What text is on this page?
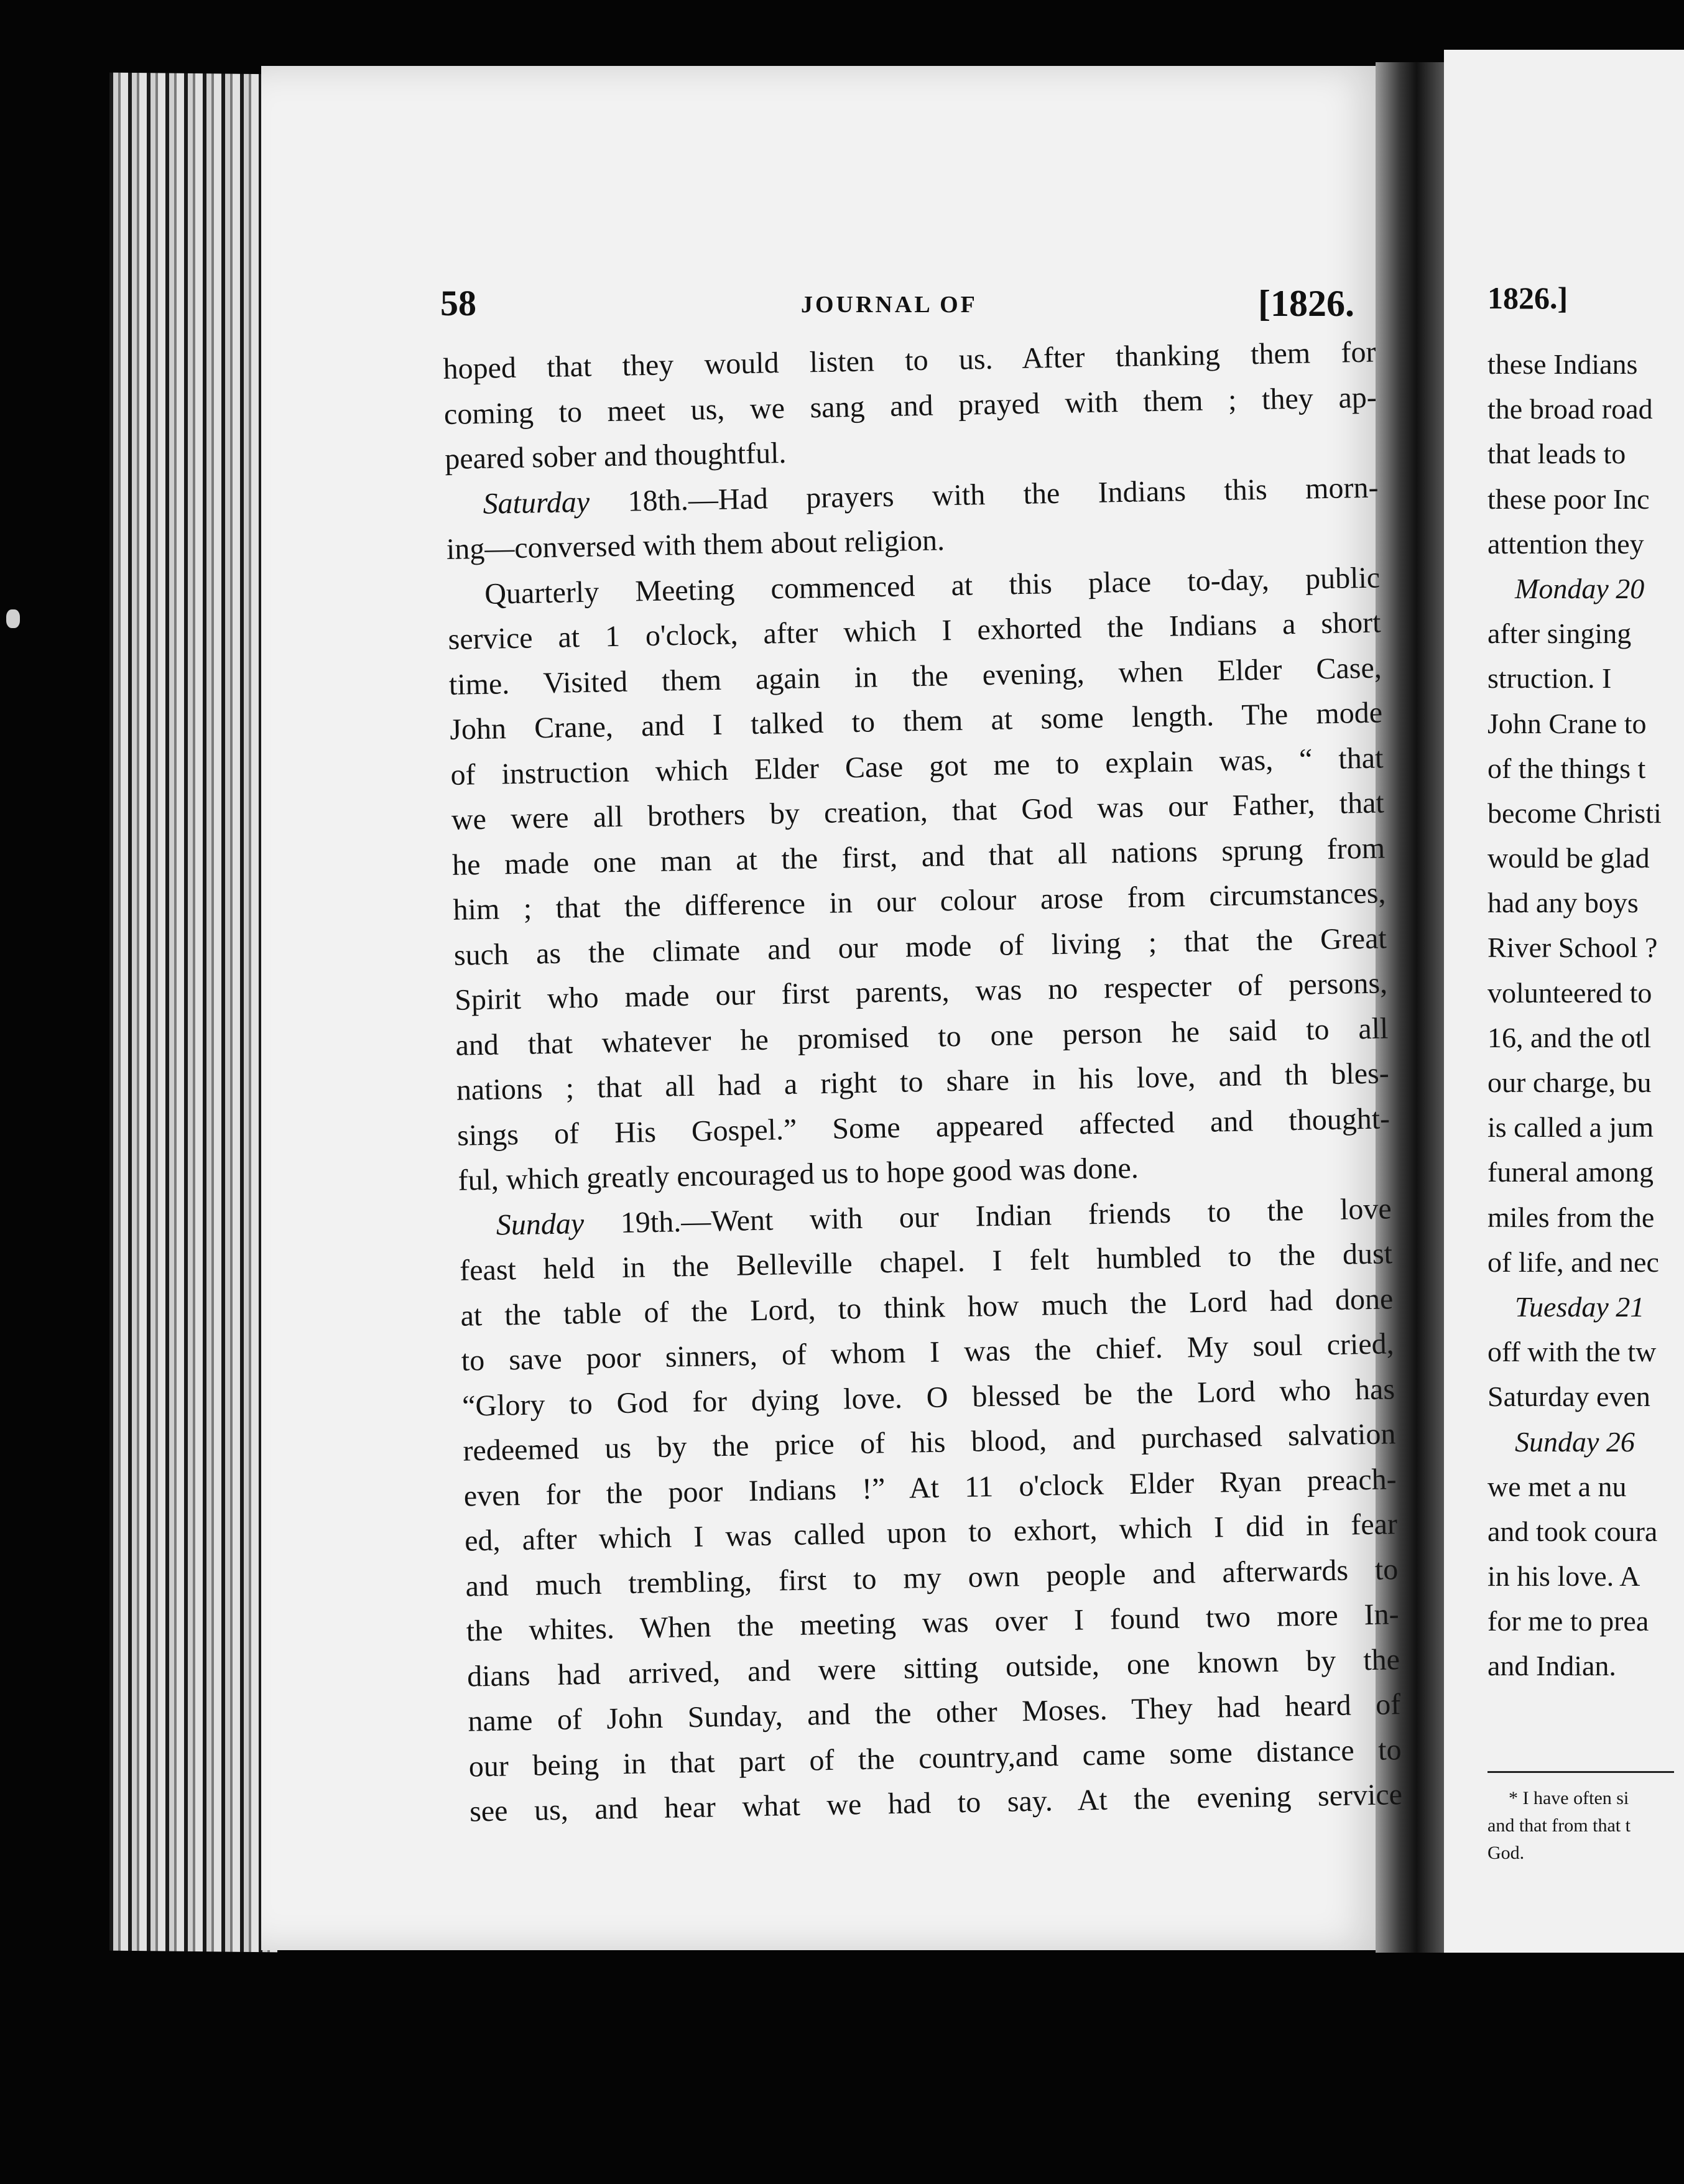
1826.]
these Indians
the broad road
that leads to
these poor Inc
attention they
Monday 20
after singing
struction. I
John Crane to
of the things t
become Christi
would be glad
had any boys
River School ?
volunteered to
16, and the otl
our charge, bu
is called a jum
funeral among
miles from the
of life, and nec
Tuesday 21
off with the tw
Saturday even
Sunday 26
we met a nu
and took coura
in his love. A
for me to prea
and Indian.
* I have often si
and that from that t
God.
58	JOURNAL OF	[1826.
hoped that they would listen to us. After thanking them for
coming to meet us, we sang and prayed with them ; they ap-
peared sober and thoughtful.
Saturday 18th.—Had prayers with the Indians this morn-
ing—conversed with them about religion.
Quarterly Meeting commenced at this place to-day, public
service at 1 o'clock, after which I exhorted the Indians a short
time. Visited them again in the evening, when Elder Case,
John Crane, and I talked to them at some length. The mode
of instruction which Elder Case got me to explain was, “ that
we were all brothers by creation, that God was our Father, that
he made one man at the first, and that all nations sprung from
him ; that the difference in our colour arose from circumstances,
such as the climate and our mode of living ; that the Great
Spirit who made our first parents, was no respecter of persons,
and that whatever he promised to one person he said to all
nations ; that all had a right to share in his love, and th bles-
sings of His Gospel.” Some appeared affected and thought-
ful, which greatly encouraged us to hope good was done.
Sunday 19th.—Went with our Indian friends to the love
feast held in the Belleville chapel. I felt humbled to the dust
at the table of the Lord, to think how much the Lord had done
to save poor sinners, of whom I was the chief. My soul cried,
“Glory to God for dying love. O blessed be the Lord who has
redeemed us by the price of his blood, and purchased salvation
even for the poor Indians !” At 11 o'clock Elder Ryan preach-
ed, after which I was called upon to exhort, which I did in fear
and much trembling, first to my own people and afterwards to
the whites. When the meeting was over I found two more In-
dians had arrived, and were sitting outside, one known by the
name of John Sunday, and the other Moses. They had heard of
our being in that part of the country,and came some distance to
see us, and hear what we had to say. At the evening service
